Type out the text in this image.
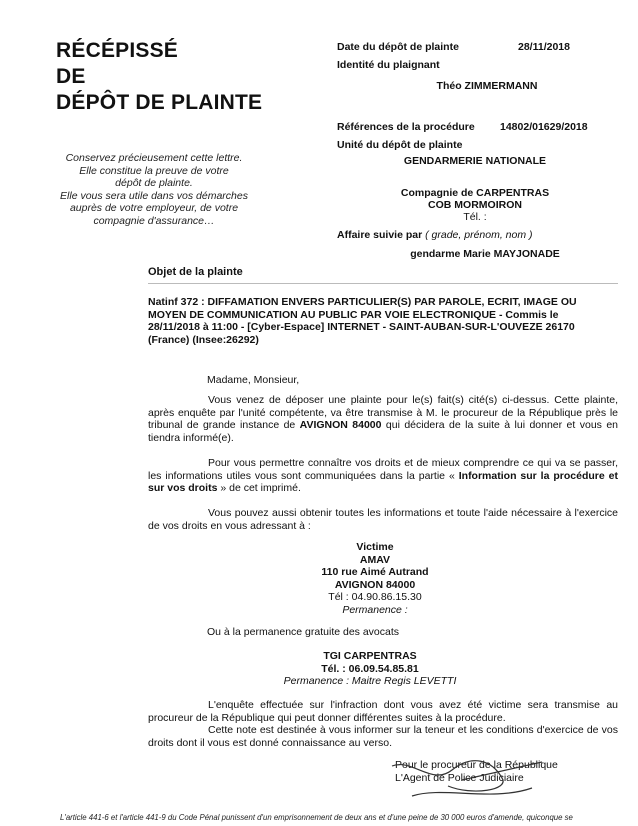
RÉCÉPISSÉ
DE
DÉPÔT DE PLAINTE
Conservez précieusement cette lettre.
Elle constitue la preuve de votre
dépôt de plainte.
Elle vous sera utile dans vos démarches
auprès de votre employeur, de votre
compagnie d'assurance…
Date du dépôt de plainte	28/11/2018
Identité du plaignant
Théo ZIMMERMANN
Références de la procédure 14802/01629/2018
Unité du dépôt de plainte
GENDARMERIE NATIONALE
Compagnie de CARPENTRAS
COB MORMOIRON
Tél. :
Affaire suivie par ( grade, prénom, nom )
gendarme Marie MAYJONADE
Objet de la plainte
Natinf 372 : DIFFAMATION ENVERS PARTICULIER(S) PAR PAROLE, ECRIT, IMAGE OU
MOYEN DE COMMUNICATION AU PUBLIC PAR VOIE ELECTRONIQUE - Commis le
28/11/2018 à 11:00 - [Cyber-Espace] INTERNET - SAINT-AUBAN-SUR-L'OUVEZE 26170
(France) (Insee:26292)
Madame, Monsieur,
Vous venez de déposer une plainte pour le(s) fait(s) cité(s) ci-dessus. Cette plainte, après enquête par l'unité compétente, va être transmise à M. le procureur de la République près le tribunal de grande instance de AVIGNON 84000 qui décidera de la suite à lui donner et vous en tiendra informé(e).
Pour vous permettre connaître vos droits et de mieux comprendre ce qui va se passer, les informations utiles vous sont communiquées dans la partie « Information sur la procédure et sur vos droits » de cet imprimé.
Vous pouvez aussi obtenir toutes les informations et toute l'aide nécessaire à l'exercice de vos droits en vous adressant à :
Victime
AMAV
110 rue Aimé Autrand
AVIGNON 84000
Tél : 04.90.86.15.30
Permanence :
Ou à la permanence gratuite des avocats
TGI CARPENTRAS
Tél. : 06.09.54.85.81
Permanence : Maitre Regis LEVETTI
L'enquête effectuée sur l'infraction dont vous avez été victime sera transmise au procureur de la République qui peut donner différentes suites à la procédure.
Cette note est destinée à vous informer sur la teneur et les conditions d'exercice de vos droits dont il vous est donné connaissance au verso.
Pour le procureur de la République
L'Agent de Police Judiciaire
L'article 441-6 et l'article 441-9 du Code Pénal punissent d'un emprisonnement de deux ans et d'une peine de 30 000 euros d'amende, quiconque se
